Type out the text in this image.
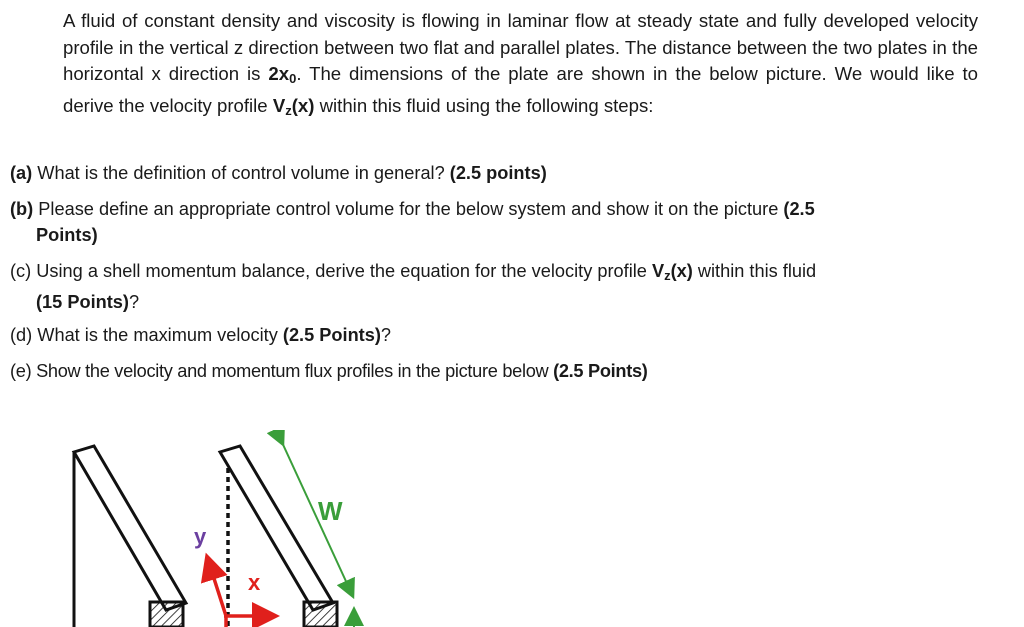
A fluid of constant density and viscosity is flowing in laminar flow at steady state and fully developed velocity profile in the vertical z direction between two flat and parallel plates. The distance between the two plates in the horizontal x direction is $2x_0$. The dimensions of the plate are shown in the below picture. We would like to derive the velocity profile $V_z(x)$ within this fluid using the following steps:

(a) What is the definition of control volume in general? (2.5 points)
(b) Please define an appropriate control volume for the below system and show it on the picture (2.5
Points)
(c) Using a shell momentum balance, derive the equation for the velocity profile $V_z(x)$ within this fluid
(15 Points)?
(d) What is the maximum velocity (2.5 Points)?
(e) Show the velocity and momentum flux profiles in the picture below (2.5 Points)
W
y
x
